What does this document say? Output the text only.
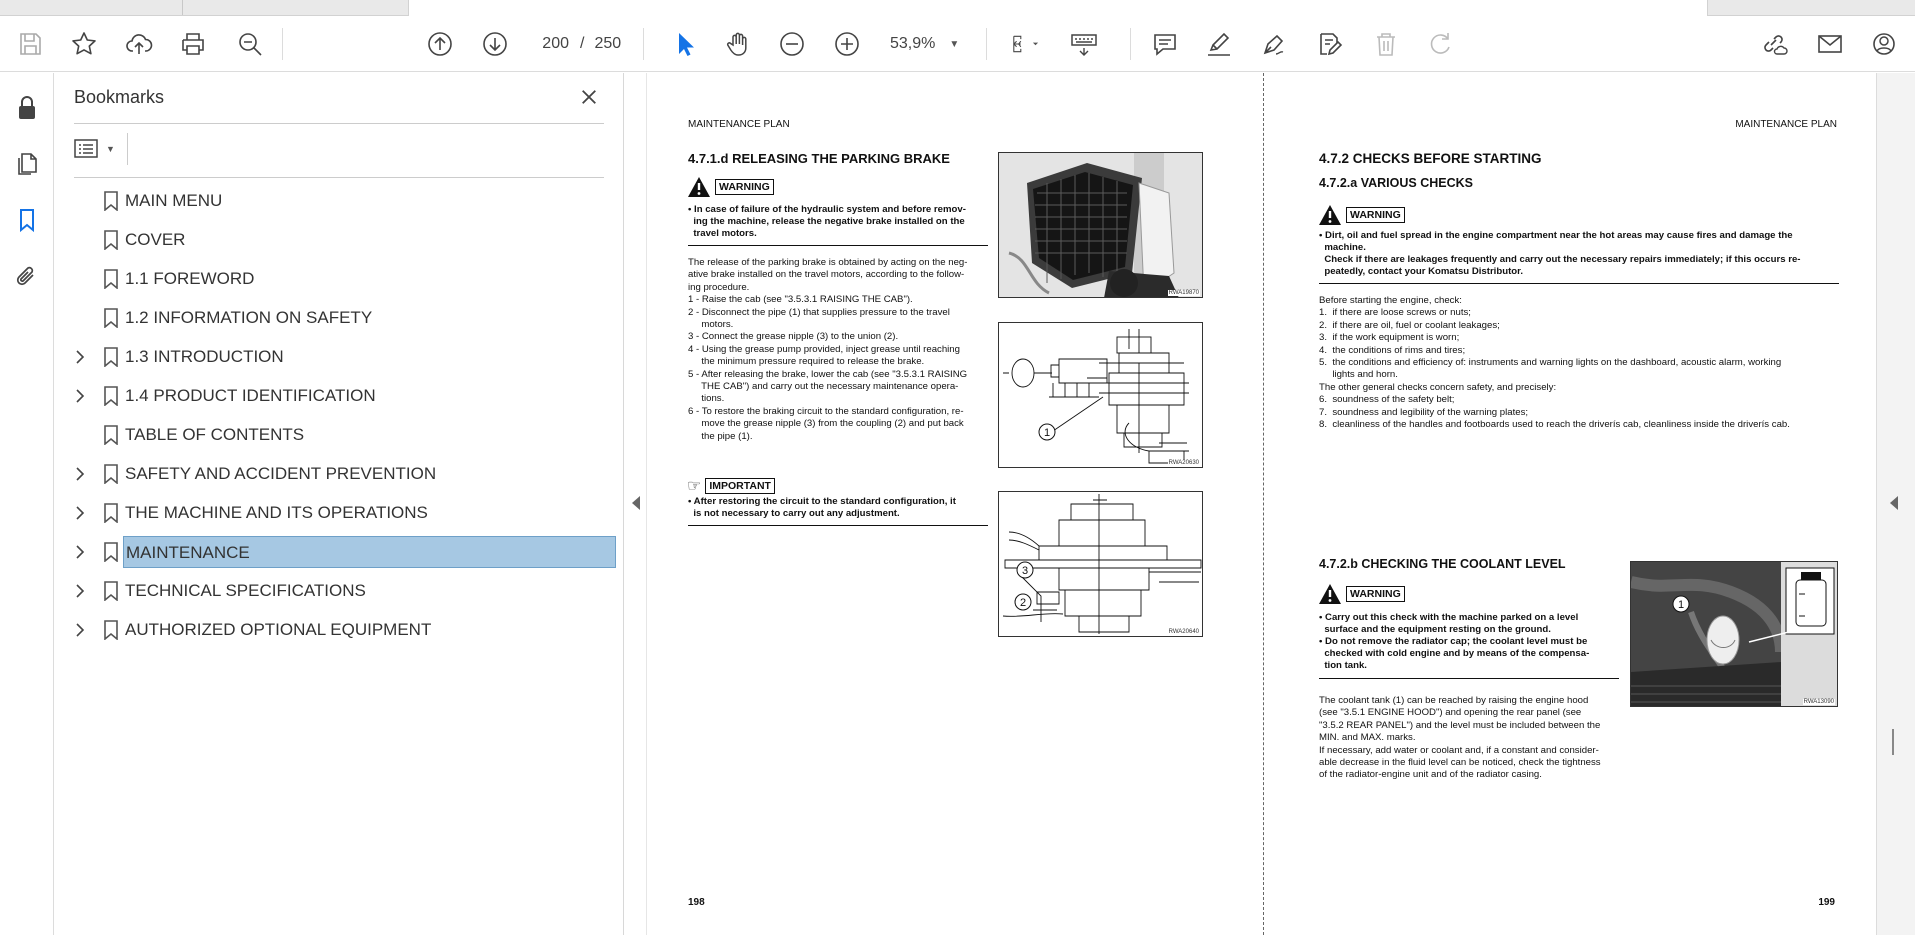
200
/ 250	53,9% ▼
Bookmarks
▼
MAIN MENU
COVER
1.1 FOREWORD
1.2 INFORMATION ON SAFETY
1.3 INTRODUCTION
1.4 PRODUCT IDENTIFICATION
TABLE OF CONTENTS
SAFETY AND ACCIDENT PREVENTION
THE MACHINE AND ITS OPERATIONS
MAINTENANCE
TECHNICAL SPECIFICATIONS
AUTHORIZED OPTIONAL EQUIPMENT
MAINTENANCE PLAN
4.7.1.d RELEASING THE PARKING BRAKE
WARNING

• In case of failure of the hydraulic system and before remov-

ing the machine, release the negative brake installed on the

travel motors.

The release of the parking brake is obtained by acting on the neg-

ative brake installed on the travel motors, according to the follow-

ing procedure.

1 - Raise the cab (see "3.5.3.1 RAISING THE CAB").

2 - Disconnect the pipe (1) that supplies pressure to the travel

motors.

3 - Connect the grease nipple (3) to the union (2).

4 - Using the grease pump provided, inject grease until reaching

the minimum pressure required to release the brake.

5 - After releasing the brake, lower the cab (see "3.5.3.1 RAISING

THE CAB") and carry out the necessary maintenance opera-

tions.

6 - To restore the braking circuit to the standard configuration, re-

move the grease nipple (3) from the coupling (2) and put back

the pipe (1).

☞ IMPORTANT

• After restoring the circuit to the standard configuration, it

is not necessary to carry out any adjustment.

RWA19870
1
RWA20630
3
2
RWA20640
198
MAINTENANCE PLAN
4.7.2 CHECKS BEFORE STARTING
4.7.2.a VARIOUS CHECKS
WARNING

• Dirt, oil and fuel spread in the engine compartment near the hot areas may cause fires and damage the

machine.

Check if there are leakages frequently and carry out the necessary repairs immediately; if this occurs re-

peatedly, contact your Komatsu Distributor.

Before starting the engine, check:

1.  if there are loose screws or nuts;

2.  if there are oil, fuel or coolant leakages;

3.  if the work equipment is worn;

4.  the conditions of rims and tires;

5.  the conditions and efficiency of: instruments and warning lights on the dashboard, acoustic alarm, working

lights and horn.

The other general checks concern safety, and precisely:

6.  soundness of the safety belt;

7.  soundness and legibility of the warning plates;

8.  cleanliness of the handles and footboards used to reach the driverís cab, cleanliness inside the driverís cab.

4.7.2.b CHECKING THE COOLANT LEVEL
WARNING

• Carry out this check with the machine parked on a level

surface and the equipment resting on the ground.

• Do not remove the radiator cap; the coolant level must be

checked with cold engine and by means of the compensa-

tion tank.

The coolant tank (1) can be reached by raising the engine hood

(see "3.5.1 ENGINE HOOD") and opening the rear panel (see

"3.5.2 REAR PANEL") and the level must be included between the

MIN. and MAX. marks.

If necessary, add water or coolant and, if a constant and consider-

able decrease in the fluid level can be noticed, check the tightness

of the radiator-engine unit and of the radiator casing.

1
RWA13090
199
